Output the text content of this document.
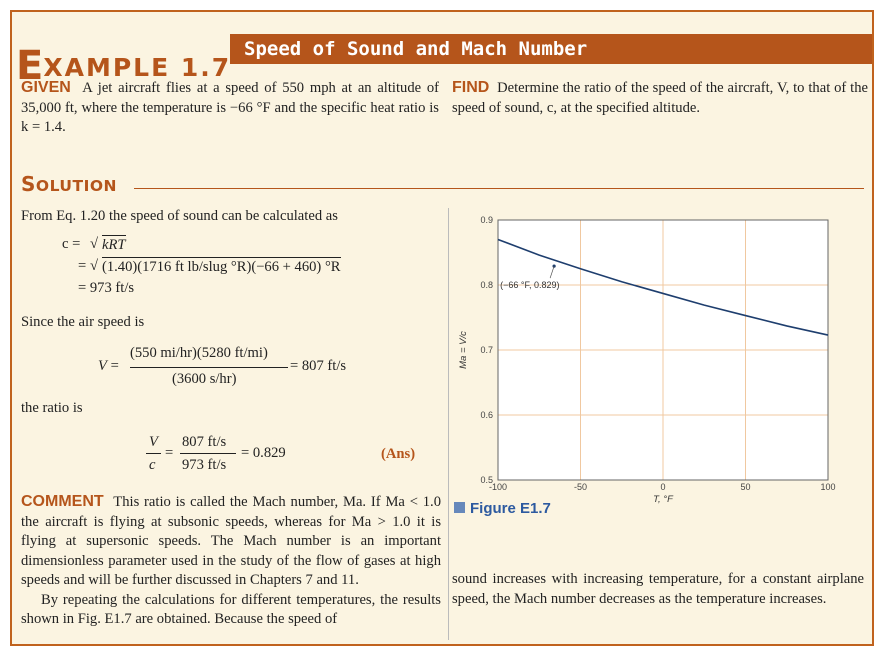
EXAMPLE 1.7
Speed of Sound and Mach Number
GIVEN A jet aircraft flies at a speed of 550 mph at an altitude of 35,000 ft, where the temperature is −66 °F and the specific heat ratio is k = 1.4.
FIND Determine the ratio of the speed of the aircraft, V, to that of the speed of sound, c, at the specified altitude.
SOLUTION
From Eq. 1.20 the speed of sound can be calculated as
c = √ kRT
= √ (1.40)(1716 ft lb/slug °R)(−66 + 460) °R
= 973 ft/s
Since the air speed is
V =
(550 mi/hr)(5280 ft/mi)
(3600 s/hr)
= 807 ft/s
the ratio is
V
c
=
807 ft/s
973 ft/s
= 0.829	(Ans)
COMMENT This ratio is called the Mach number, Ma. If Ma < 1.0 the aircraft is flying at subsonic speeds, whereas for Ma > 1.0 it is flying at supersonic speeds. The Mach number is an important dimensionless parameter used in the study of the flow of gases at high speeds and will be further discussed in Chapters 7 and 11.
By repeating the calculations for different temperatures, the results shown in Fig. E1.7 are obtained. Because the speed of
-100	-50	0	50	100
0.5
0.6
0.7
0.8
0.9
(−66 °F, 0.829)
T, °F
Ma = V/c
Figure E1.7
sound increases with increasing temperature, for a constant airplane speed, the Mach number decreases as the temperature increases.
